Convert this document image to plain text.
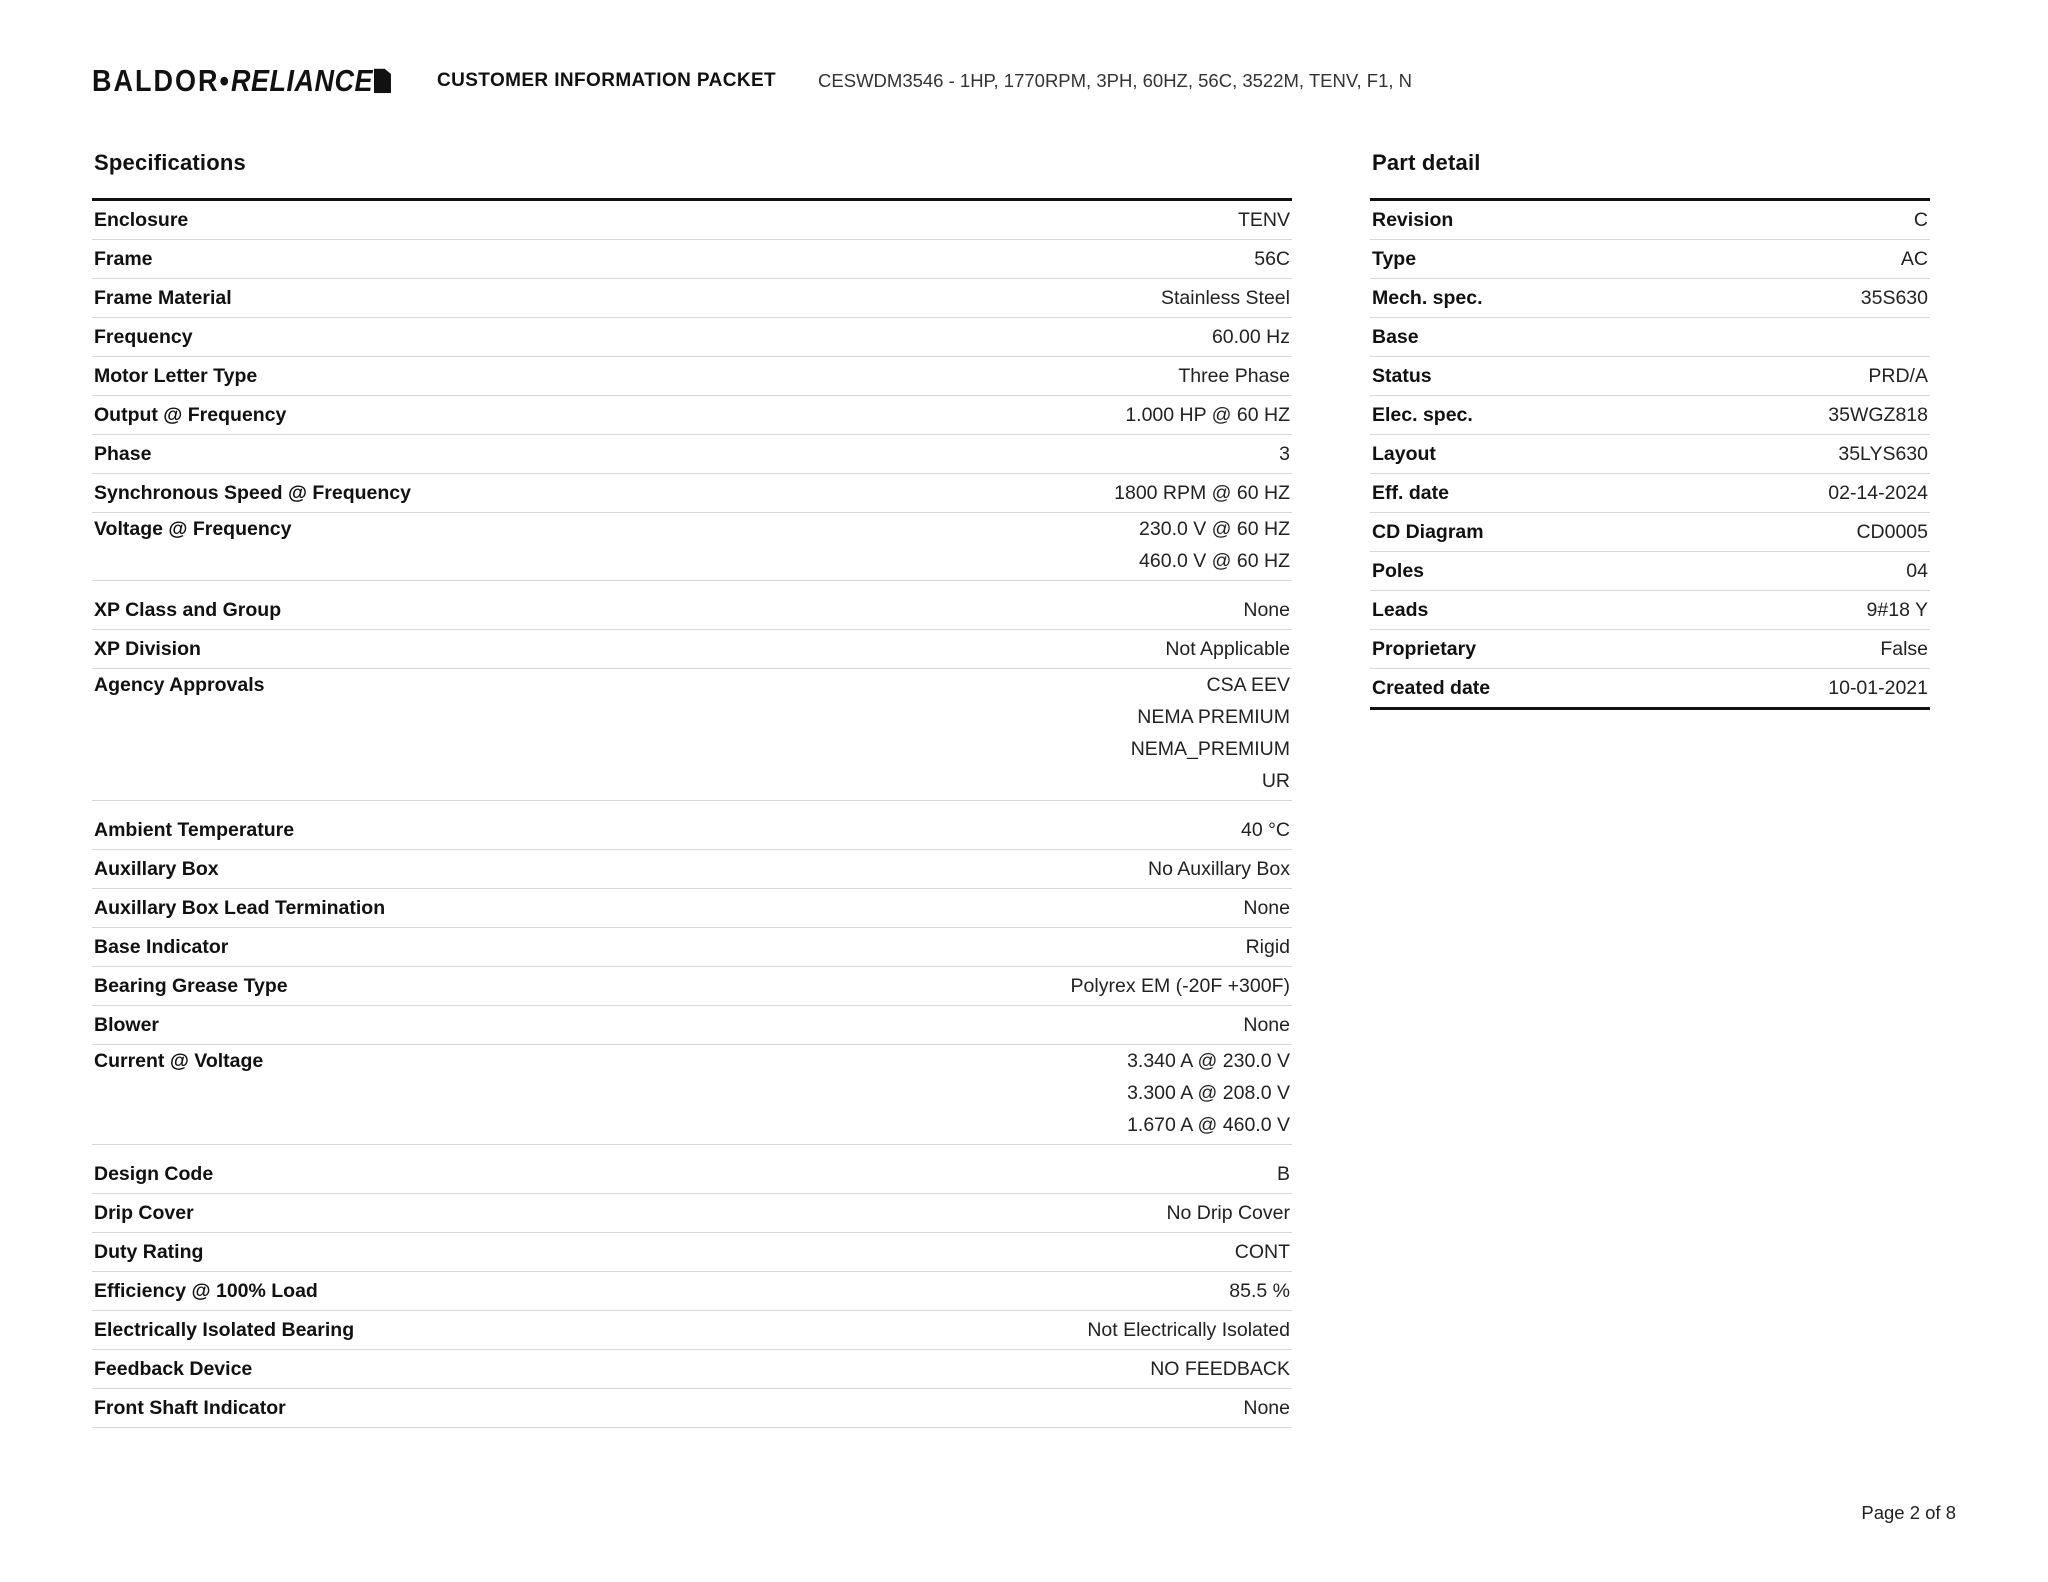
BALDOR•RELIANCE	CUSTOMER INFORMATION PACKET CESWDM3546 - 1HP, 1770RPM, 3PH, 60HZ, 56C, 3522M, TENV, F1, N
Specifications
Enclosure	TENV
Frame	56C
Frame Material	Stainless Steel
Frequency	60.00 Hz
Motor Letter Type	Three Phase
Output @ Frequency	1.000 HP @ 60 HZ
Phase	3
Synchronous Speed @ Frequency	1800 RPM @ 60 HZ
Voltage @ Frequency	230.0 V @ 60 HZ
	460.0 V @ 60 HZ

XP Class and Group	None
XP Division	Not Applicable
Agency Approvals	CSA EEV
	NEMA PREMIUM
	NEMA_PREMIUM
	UR

Ambient Temperature	40 °C
Auxillary Box	No Auxillary Box
Auxillary Box Lead Termination	None
Base Indicator	Rigid
Bearing Grease Type	Polyrex EM (-20F +300F)
Blower	None
Current @ Voltage	3.340 A @ 230.0 V
	3.300 A @ 208.0 V
	1.670 A @ 460.0 V

Design Code	B
Drip Cover	No Drip Cover
Duty Rating	CONT
Efficiency @ 100% Load	85.5 %
Electrically Isolated Bearing	Not Electrically Isolated
Feedback Device	NO FEEDBACK
Front Shaft Indicator	None
Part detail
Revision	C
Type	AC
Mech. spec.	35S630
Base	
Status	PRD/A
Elec. spec.	35WGZ818
Layout	35LYS630
Eff. date	02-14-2024
CD Diagram	CD0005
Poles	04
Leads	9#18 Y
Proprietary	False
Created date	10-01-2021
Page 2 of 8
